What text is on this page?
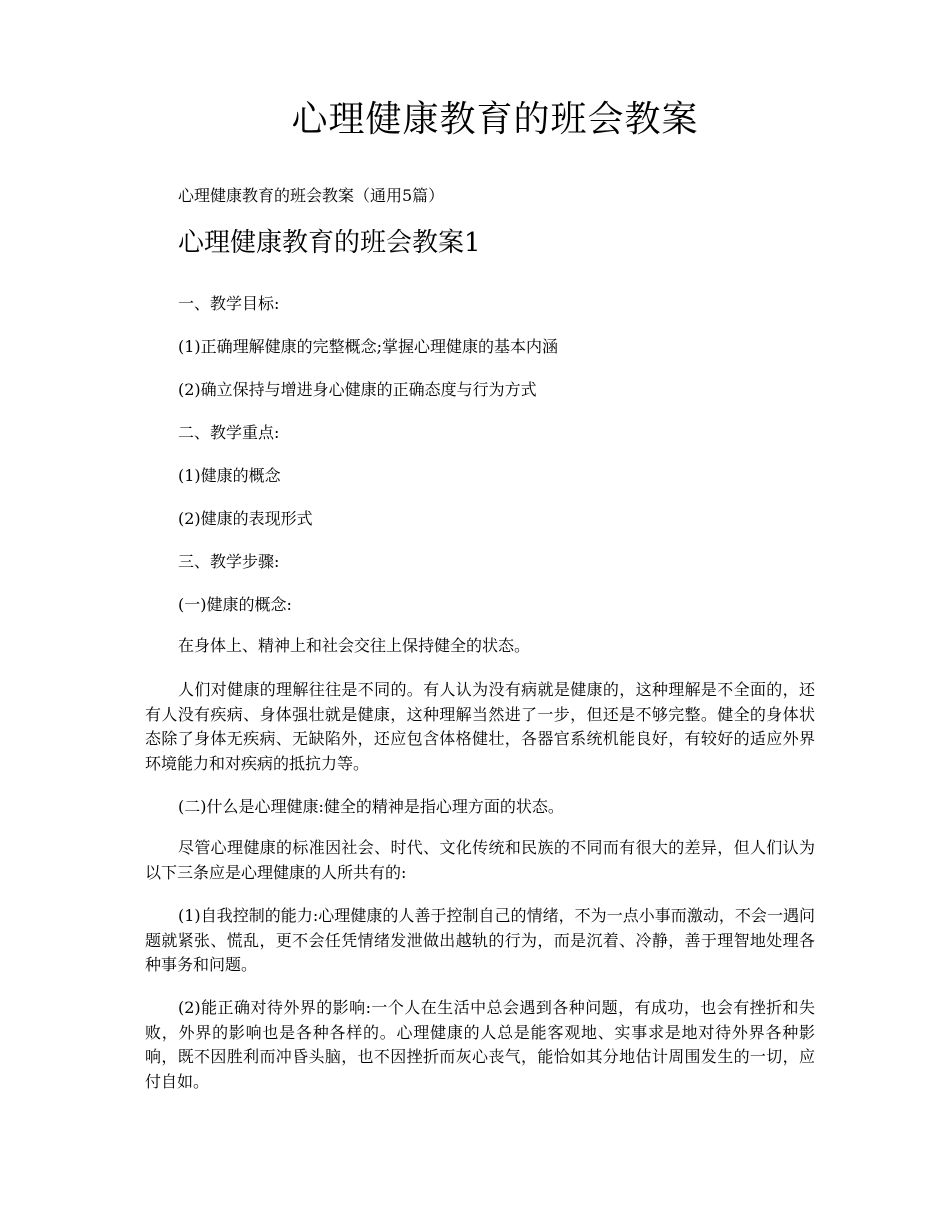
心理健康教育的班会教案

心理健康教育的班会教案（通用5篇）

心理健康教育的班会教案1

一、教学目标:

(1)正确理解健康的完整概念;掌握心理健康的基本内涵

(2)确立保持与增进身心健康的正确态度与行为方式

二、教学重点:

(1)健康的概念

(2)健康的表现形式

三、教学步骤:

(一)健康的概念:

在身体上、精神上和社会交往上保持健全的状态。

人们对健康的理解往往是不同的。有人认为没有病就是健康的，这种理解是不全面的，还有人没有疾病、身体强壮就是健康，这种理解当然进了一步，但还是不够完整。健全的身体状态除了身体无疾病、无缺陷外，还应包含体格健壮，各器官系统机能良好，有较好的适应外界环境能力和对疾病的抵抗力等。

(二)什么是心理健康:健全的精神是指心理方面的状态。

尽管心理健康的标准因社会、时代、文化传统和民族的不同而有很大的差异，但人们认为以下三条应是心理健康的人所共有的:

(1)自我控制的能力:心理健康的人善于控制自己的情绪，不为一点小事而激动，不会一遇问题就紧张、慌乱，更不会任凭情绪发泄做出越轨的行为，而是沉着、冷静，善于理智地处理各种事务和问题。

(2)能正确对待外界的影响:一个人在生活中总会遇到各种问题，有成功，也会有挫折和失败，外界的影响也是各种各样的。心理健康的人总是能客观地、实事求是地对待外界各种影响，既不因胜利而冲昏头脑，也不因挫折而灰心丧气，能恰如其分地估计周围发生的一切，应付自如。
